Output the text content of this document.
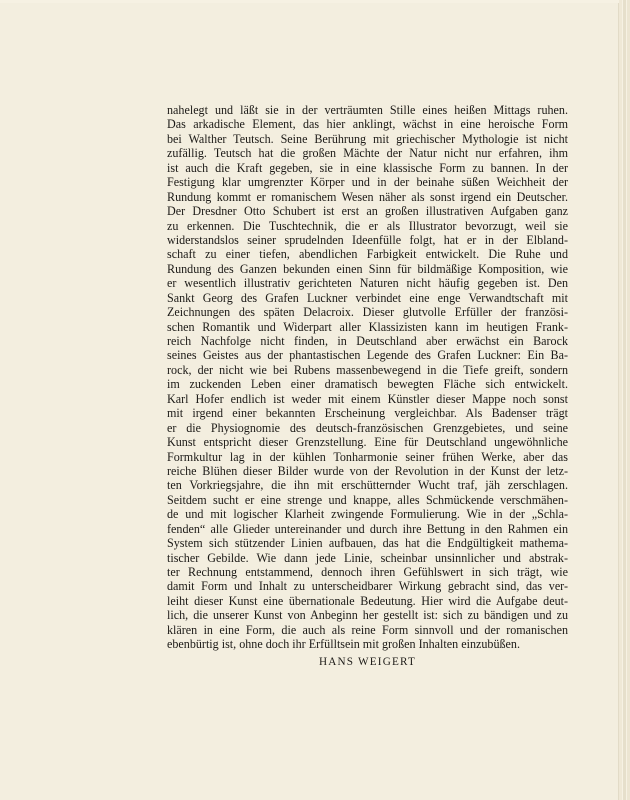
nahelegt und läßt sie in der verträumten Stille eines heißen Mittags ruhen.
Das arkadische Element, das hier anklingt, wächst in eine heroische Form
bei Walther Teutsch. Seine Berührung mit griechischer Mythologie ist nicht
zufällig. Teutsch hat die großen Mächte der Natur nicht nur erfahren, ihm
ist auch die Kraft gegeben, sie in eine klassische Form zu bannen. In der
Festigung klar umgrenzter Körper und in der beinahe süßen Weichheit der
Rundung kommt er romanischem Wesen näher als sonst irgend ein Deutscher.
Der Dresdner Otto Schubert ist erst an großen illustrativen Aufgaben ganz
zu erkennen. Die Tuschtechnik, die er als Illustrator bevorzugt, weil sie
widerstandslos seiner sprudelnden Ideenfülle folgt, hat er in der Elbland-
schaft zu einer tiefen, abendlichen Farbigkeit entwickelt. Die Ruhe und
Rundung des Ganzen bekunden einen Sinn für bildmäßige Komposition, wie
er wesentlich illustrativ gerichteten Naturen nicht häufig gegeben ist. Den
Sankt Georg des Grafen Luckner verbindet eine enge Verwandtschaft mit
Zeichnungen des späten Delacroix. Dieser glutvolle Erfüller der französi-
schen Romantik und Widerpart aller Klassizisten kann im heutigen Frank-
reich Nachfolge nicht finden, in Deutschland aber erwächst ein Barock
seines Geistes aus der phantastischen Legende des Grafen Luckner: Ein Ba-
rock, der nicht wie bei Rubens massenbewegend in die Tiefe greift, sondern
im zuckenden Leben einer dramatisch bewegten Fläche sich entwickelt.
Karl Hofer endlich ist weder mit einem Künstler dieser Mappe noch sonst
mit irgend einer bekannten Erscheinung vergleichbar. Als Badenser trägt
er die Physiognomie des deutsch-französischen Grenzgebietes, und seine
Kunst entspricht dieser Grenzstellung. Eine für Deutschland ungewöhnliche
Formkultur lag in der kühlen Tonharmonie seiner frühen Werke, aber das
reiche Blühen dieser Bilder wurde von der Revolution in der Kunst der letz-
ten Vorkriegsjahre, die ihn mit erschütternder Wucht traf, jäh zerschlagen.
Seitdem sucht er eine strenge und knappe, alles Schmückende verschmähen-
de und mit logischer Klarheit zwingende Formulierung. Wie in der „Schla-
fenden“ alle Glieder untereinander und durch ihre Bettung in den Rahmen ein
System sich stützender Linien aufbauen, das hat die Endgültigkeit mathema-
tischer Gebilde. Wie dann jede Linie, scheinbar unsinnlicher und abstrak-
ter Rechnung entstammend, dennoch ihren Gefühlswert in sich trägt, wie
damit Form und Inhalt zu unterscheidbarer Wirkung gebracht sind, das ver-
leiht dieser Kunst eine übernationale Bedeutung. Hier wird die Aufgabe deut-
lich, die unserer Kunst von Anbeginn her gestellt ist: sich zu bändigen und zu
klären in eine Form, die auch als reine Form sinnvoll und der romanischen
ebenbürtig ist, ohne doch ihr Erfülltsein mit großen Inhalten einzubüßen.
HANS WEIGERT
